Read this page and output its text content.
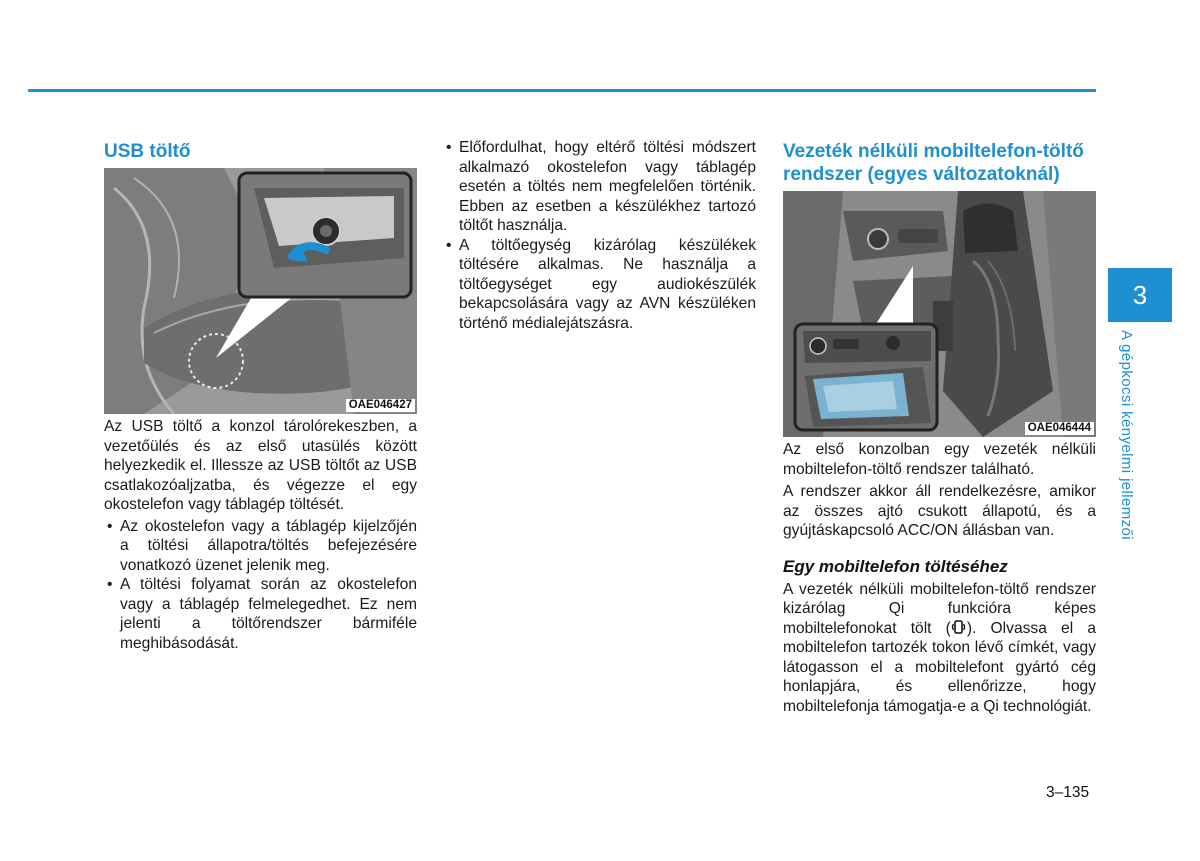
USB töltő
OAE046427

Az USB töltő a konzol tárolórekeszben, a vezetőülés és az első utasülés között helyezkedik el. Illessze az USB töltőt az USB csatlakozóaljzatba, és végezze el egy okostelefon vagy táblagép töltését.

• Az okostelefon vagy a táblagép kijelzőjén a töltési állapotra/töltés befejezésére vonatkozó üzenet jelenik meg.
• A töltési folyamat során az okostelefon vagy a táblagép felmelegedhet. Ez nem jelenti a töltőrendszer bármiféle meghibásodását.
• Előfordulhat, hogy eltérő töltési módszert alkalmazó okostelefon vagy táblagép esetén a töltés nem megfelelően történik. Ebben az esetben a készülékhez tartozó töltőt használja.
• A töltőegység kizárólag készülékek töltésére alkalmas. Ne használja a töltőegységet egy audiokészülék bekapcsolására vagy az AVN készüléken történő médialejátszásra.
Vezeték nélküli mobiltelefon-töltő rendszer (egyes változatoknál)
OAE046444

Az első konzolban egy vezeték nélküli mobiltelefon-töltő rendszer található.

A rendszer akkor áll rendelkezésre, amikor az összes ajtó csukott állapotú, és a gyújtáskapcsoló ACC/ON állásban van.

Egy mobiltelefon töltéséhez

A vezeték nélküli mobiltelefon-töltő rendszer kizárólag Qi funkcióra képes mobiltelefonokat tölt ( ). Olvassa el a mobiltelefon tartozék tokon lévő címkét, vagy látogasson el a mobiltelefont gyártó cég honlapjára, és ellenőrizze, hogy mobiltelefonja támogatja-e a Qi technológiát.

3
A gépkocsi kényelmi jellemzői
3–135
